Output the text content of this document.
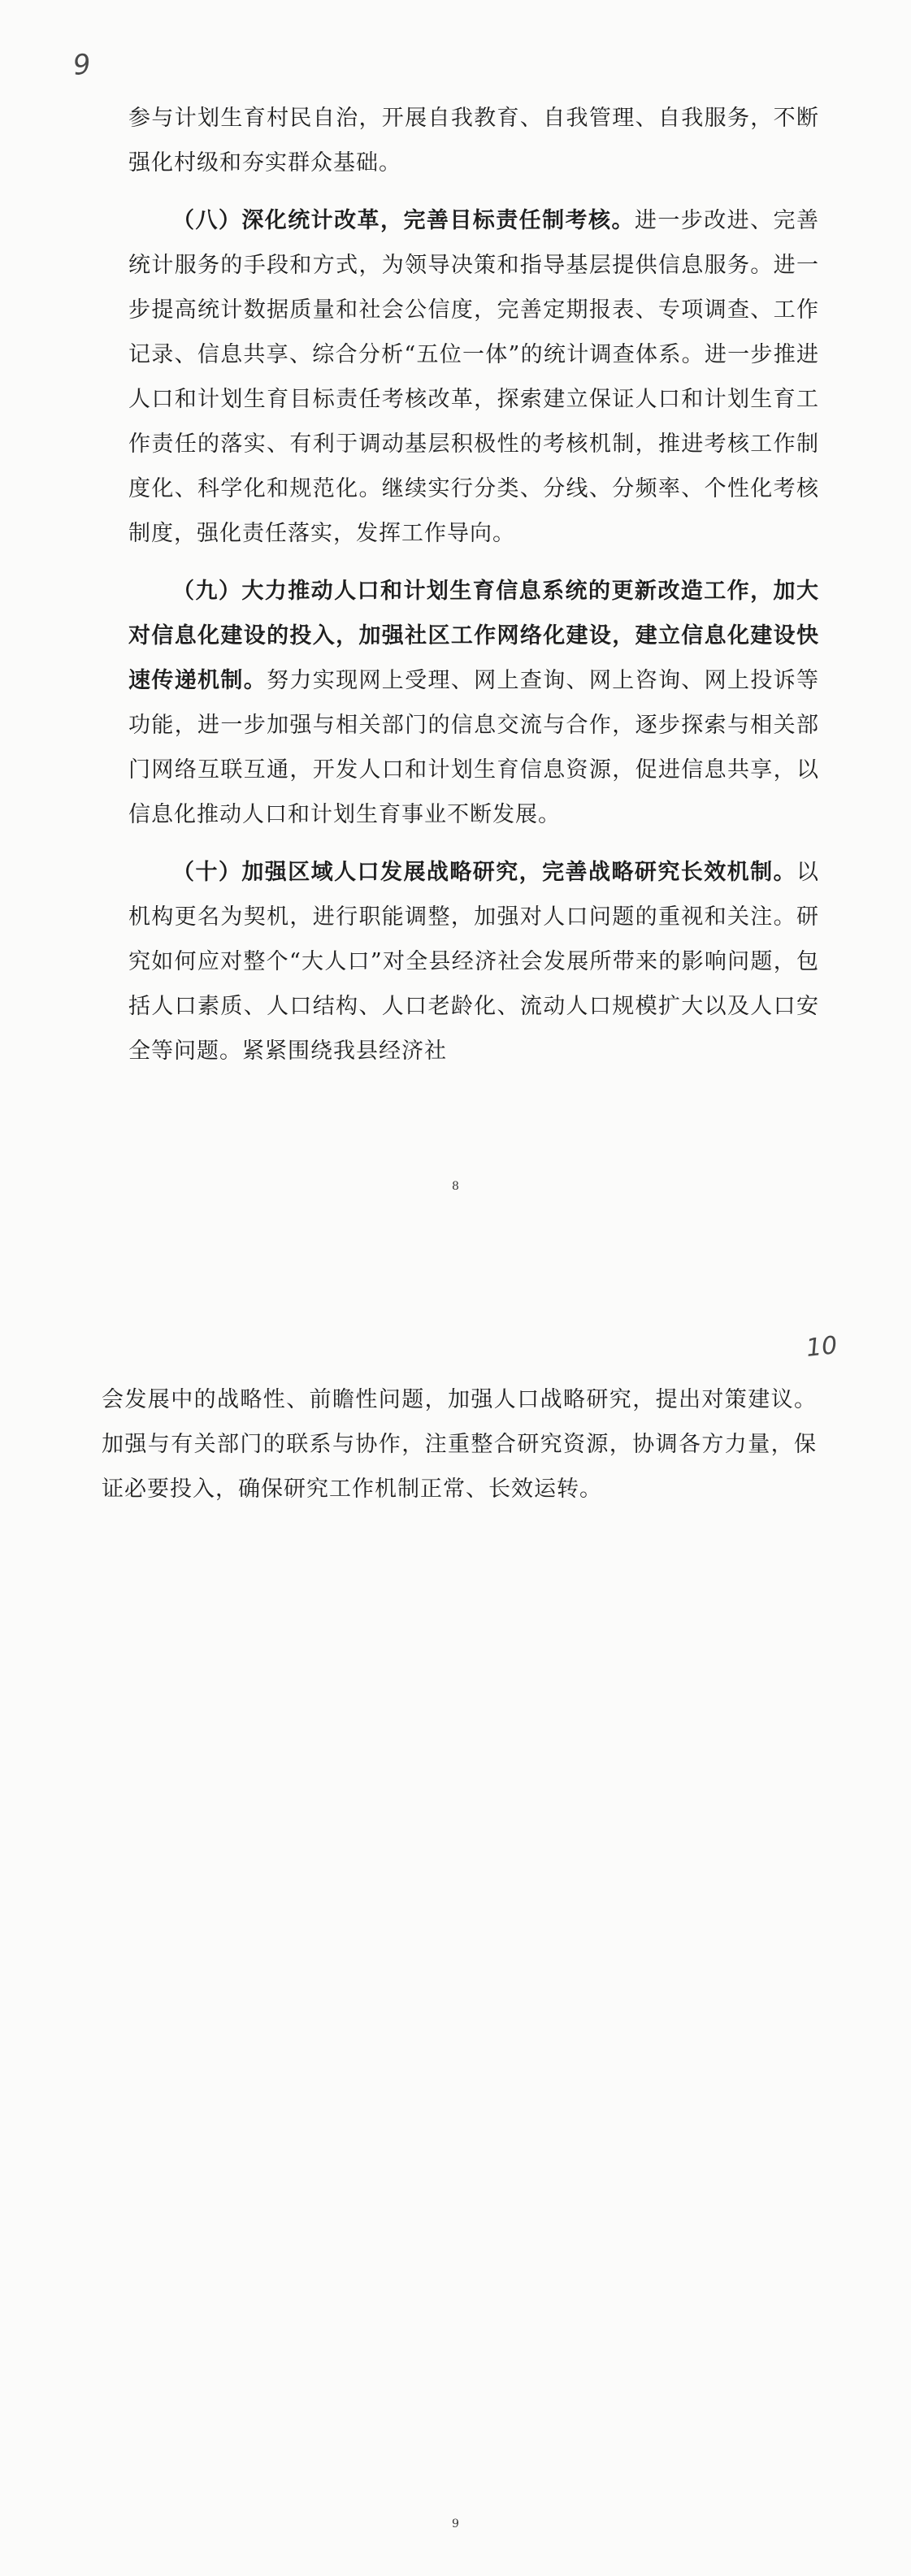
9

参与计划生育村民自治，开展自我教育、自我管理、自我服务，不断强化村级和夯实群众基础。

（八）深化统计改革，完善目标责任制考核。进一步改进、完善统计服务的手段和方式，为领导决策和指导基层提供信息服务。进一步提高统计数据质量和社会公信度，完善定期报表、专项调查、工作记录、信息共享、综合分析“五位一体”的统计调查体系。进一步推进人口和计划生育目标责任考核改革，探索建立保证人口和计划生育工作责任的落实、有利于调动基层积极性的考核机制，推进考核工作制度化、科学化和规范化。继续实行分类、分线、分频率、个性化考核制度，强化责任落实，发挥工作导向。

（九）大力推动人口和计划生育信息系统的更新改造工作，加大对信息化建设的投入，加强社区工作网络化建设，建立信息化建设快速传递机制。努力实现网上受理、网上查询、网上咨询、网上投诉等功能，进一步加强与相关部门的信息交流与合作，逐步探索与相关部门网络互联互通，开发人口和计划生育信息资源，促进信息共享，以信息化推动人口和计划生育事业不断发展。

（十）加强区域人口发展战略研究，完善战略研究长效机制。以机构更名为契机，进行职能调整，加强对人口问题的重视和关注。研究如何应对整个“大人口”对全县经济社会发展所带来的影响问题，包括人口素质、人口结构、人口老龄化、流动人口规模扩大以及人口安全等问题。紧紧围绕我县经济社

8
10

会发展中的战略性、前瞻性问题，加强人口战略研究，提出对策建议。加强与有关部门的联系与协作，注重整合研究资源，协调各方力量，保证必要投入，确保研究工作机制正常、长效运转。

9
